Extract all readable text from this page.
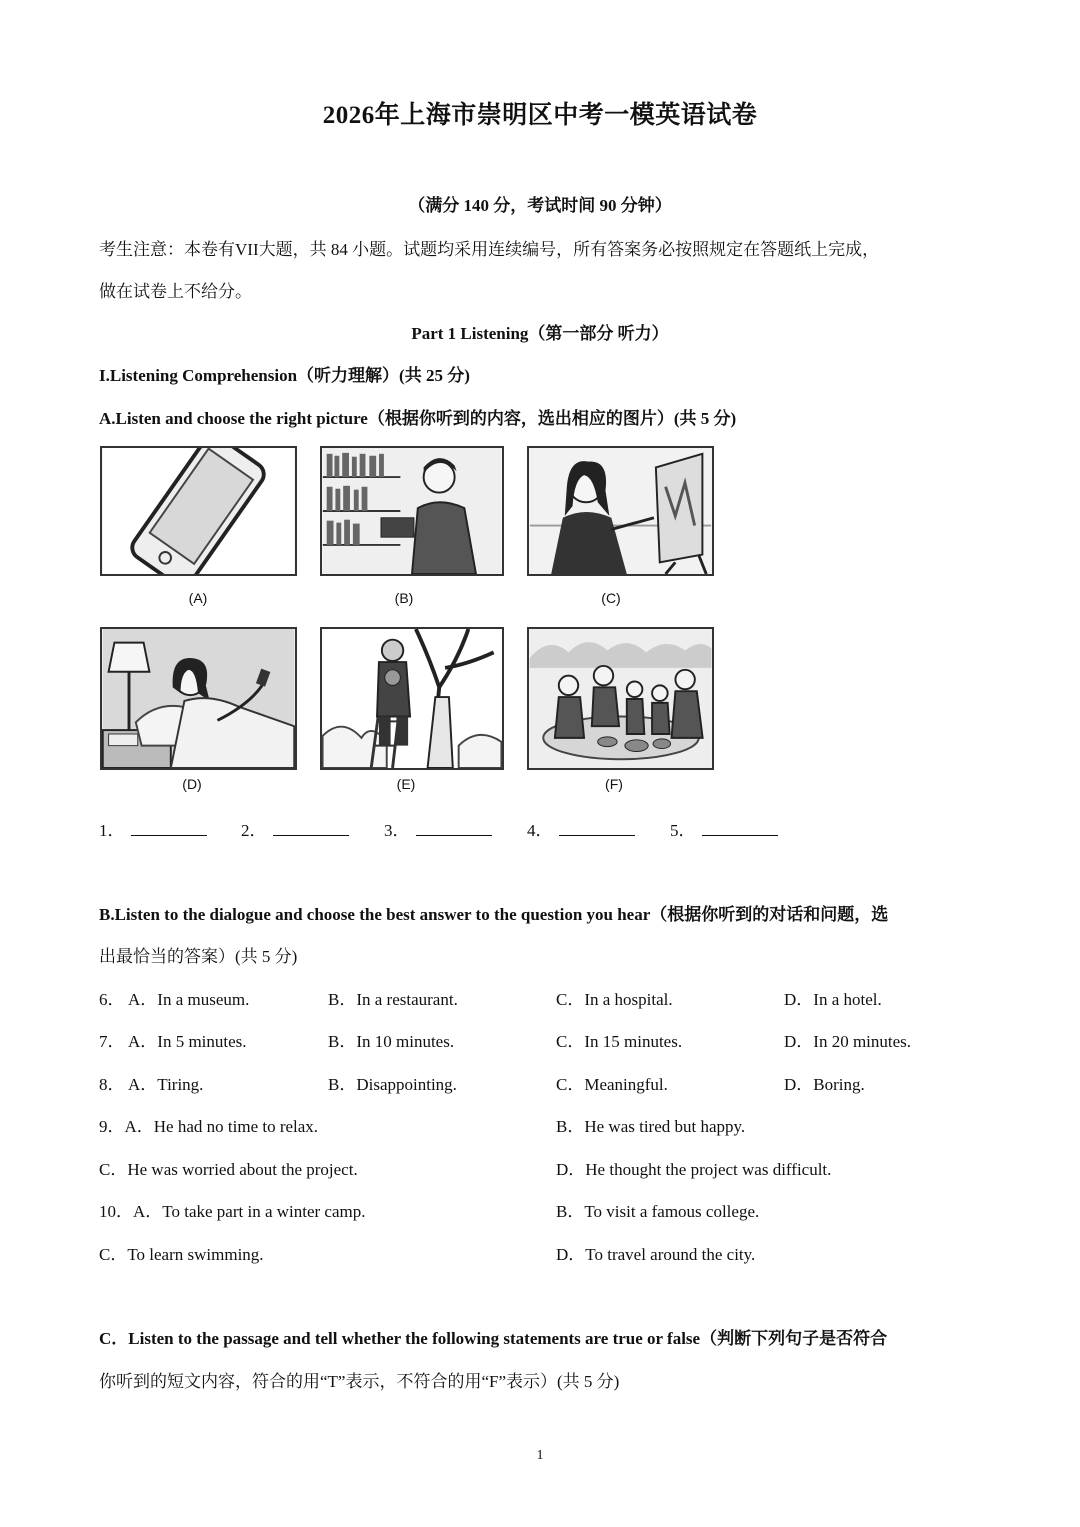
2026年上海市崇明区中考一模英语试卷
（满分 140 分，考试时间 90 分钟）
考生注意：本卷有VII大题，共 84 小题。试题均采用连续编号，所有答案务必按照规定在答题纸上完成，
做在试卷上不给分。
Part 1 Listening（第一部分 听力）
I.Listening Comprehension（听力理解）(共 25 分)
A.Listen and choose the right picture（根据你听到的内容，选出相应的图片）(共 5 分)
(A)	(B)	(C)
(D)	(E)	(F)
1．	2．	3．	4．	5．
B.Listen to the dialogue and choose the best answer to the question you hear（根据你听到的对话和问题，选
出最恰当的答案）(共 5 分)
6． A．In a museum.	B．In a restaurant.	C．In a hospital.	D．In a hotel.
7． A．In 5 minutes.	B．In 10 minutes.	C．In 15 minutes.	D．In 20 minutes.
8． A．Tiring.	B．Disappointing.	C．Meaningful.	D．Boring.
9．A．He had no time to relax.	B．He was tired but happy.
C．He was worried about the project.	D．He thought the project was difficult.
10．A．To take part in a winter camp.	B．To visit a famous college.
C．To learn swimming.	D．To travel around the city.
C．Listen to the passage and tell whether the following statements are true or false（判断下列句子是否符合
你听到的短文内容，符合的用“T”表示，不符合的用“F”表示）(共 5 分)
1
